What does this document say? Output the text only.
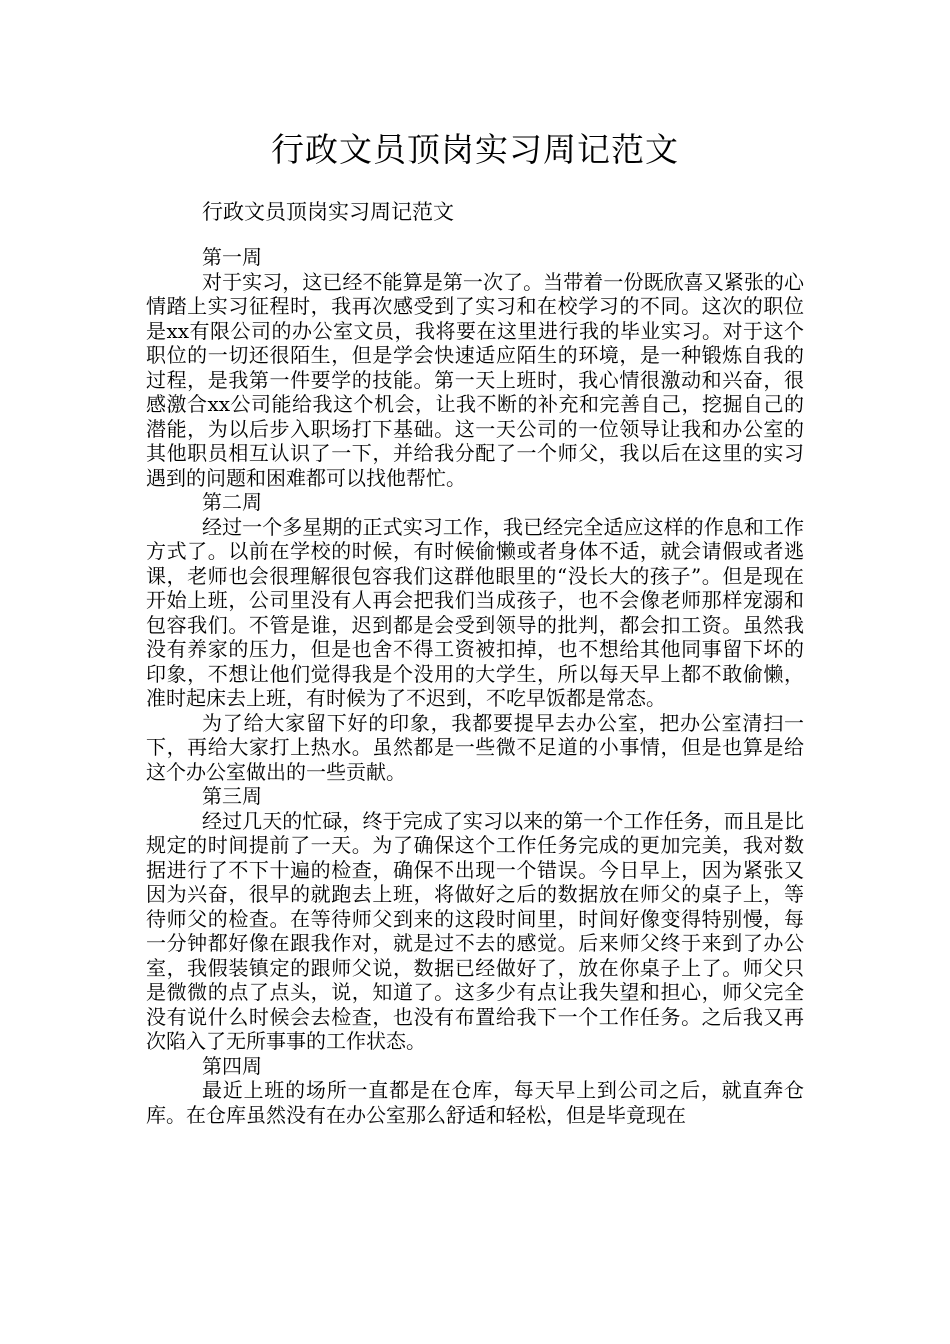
行政文员顶岗实习周记范文
行政文员顶岗实习周记范文

第一周

对于实习，这已经不能算是第一次了。当带着一份既欣喜又紧张的心情踏上实习征程时，我再次感受到了实习和在校学习的不同。这次的职位是xx有限公司的办公室文员，我将要在这里进行我的毕业实习。对于这个职位的一切还很陌生，但是学会快速适应陌生的环境，是一种锻炼自我的过程，是我第一件要学的技能。第一天上班时，我心情很激动和兴奋，很感激合xx公司能给我这个机会，让我不断的补充和完善自己，挖掘自己的潜能，为以后步入职场打下基础。这一天公司的一位领导让我和办公室的其他职员相互认识了一下，并给我分配了一个师父，我以后在这里的实习遇到的问题和困难都可以找他帮忙。

第二周

经过一个多星期的正式实习工作，我已经完全适应这样的作息和工作方式了。以前在学校的时候，有时候偷懒或者身体不适，就会请假或者逃课，老师也会很理解很包容我们这群他眼里的“没长大的孩子”。但是现在开始上班，公司里没有人再会把我们当成孩子，也不会像老师那样宠溺和包容我们。不管是谁，迟到都是会受到领导的批判，都会扣工资。虽然我没有养家的压力，但是也舍不得工资被扣掉，也不想给其他同事留下坏的印象，不想让他们觉得我是个没用的大学生，所以每天早上都不敢偷懒，准时起床去上班，有时候为了不迟到，不吃早饭都是常态。

为了给大家留下好的印象，我都要提早去办公室，把办公室清扫一下，再给大家打上热水。虽然都是一些微不足道的小事情，但是也算是给这个办公室做出的一些贡献。

第三周

经过几天的忙碌，终于完成了实习以来的第一个工作任务，而且是比规定的时间提前了一天。为了确保这个工作任务完成的更加完美，我对数据进行了不下十遍的检查，确保不出现一个错误。今日早上，因为紧张又因为兴奋，很早的就跑去上班，将做好之后的数据放在师父的桌子上，等待师父的检查。在等待师父到来的这段时间里，时间好像变得特别慢，每一分钟都好像在跟我作对，就是过不去的感觉。后来师父终于来到了办公室，我假装镇定的跟师父说，数据已经做好了，放在你桌子上了。师父只是微微的点了点头，说，知道了。这多少有点让我失望和担心，师父完全没有说什么时候会去检查，也没有布置给我下一个工作任务。之后我又再次陷入了无所事事的工作状态。

第四周

最近上班的场所一直都是在仓库，每天早上到公司之后，就直奔仓库。在仓库虽然没有在办公室那么舒适和轻松，但是毕竟现在
